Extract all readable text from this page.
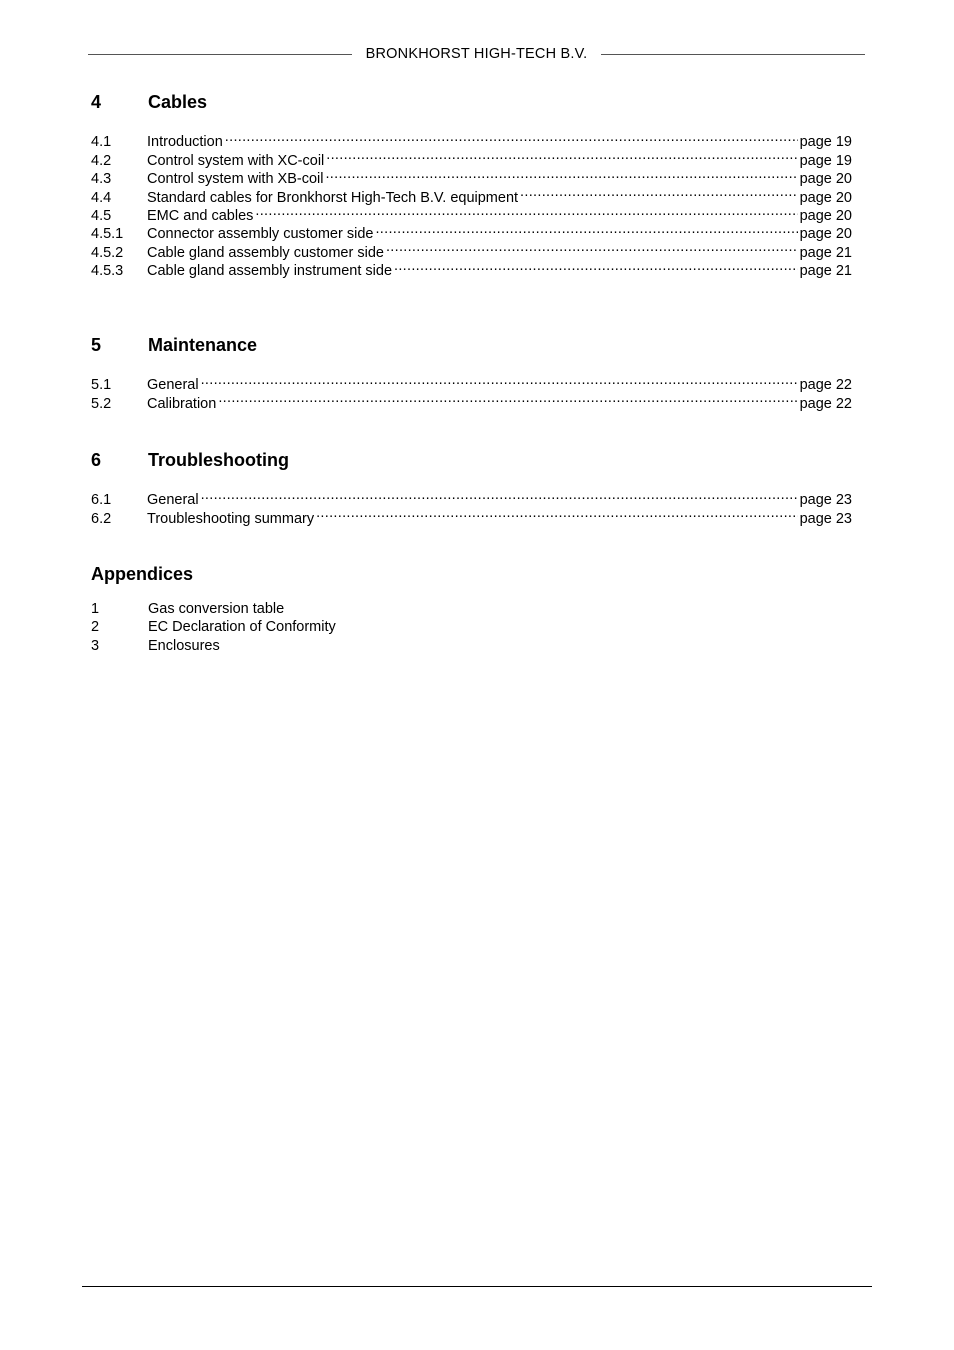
BRONKHORST HIGH-TECH B.V.
4	Cables
4.1	Introduction .....	page 19
4.2	Control system with XC-coil .....	page 19
4.3	Control system with XB-coil .....	page 20
4.4	Standard cables for Bronkhorst High-Tech B.V. equipment .....	page 20
4.5	EMC and cables .....	page 20
4.5.1	Connector assembly customer side .....	page 20
4.5.2	Cable gland assembly customer side .....	page 21
4.5.3	Cable gland assembly instrument side .....	page 21
5	Maintenance
5.1	General .....	page 22
5.2	Calibration .....	page 22
6	Troubleshooting
6.1	General .....	page 23
6.2	Troubleshooting summary .....	page 23
Appendices
1	Gas conversion table
2	EC Declaration of Conformity
3	Enclosures
